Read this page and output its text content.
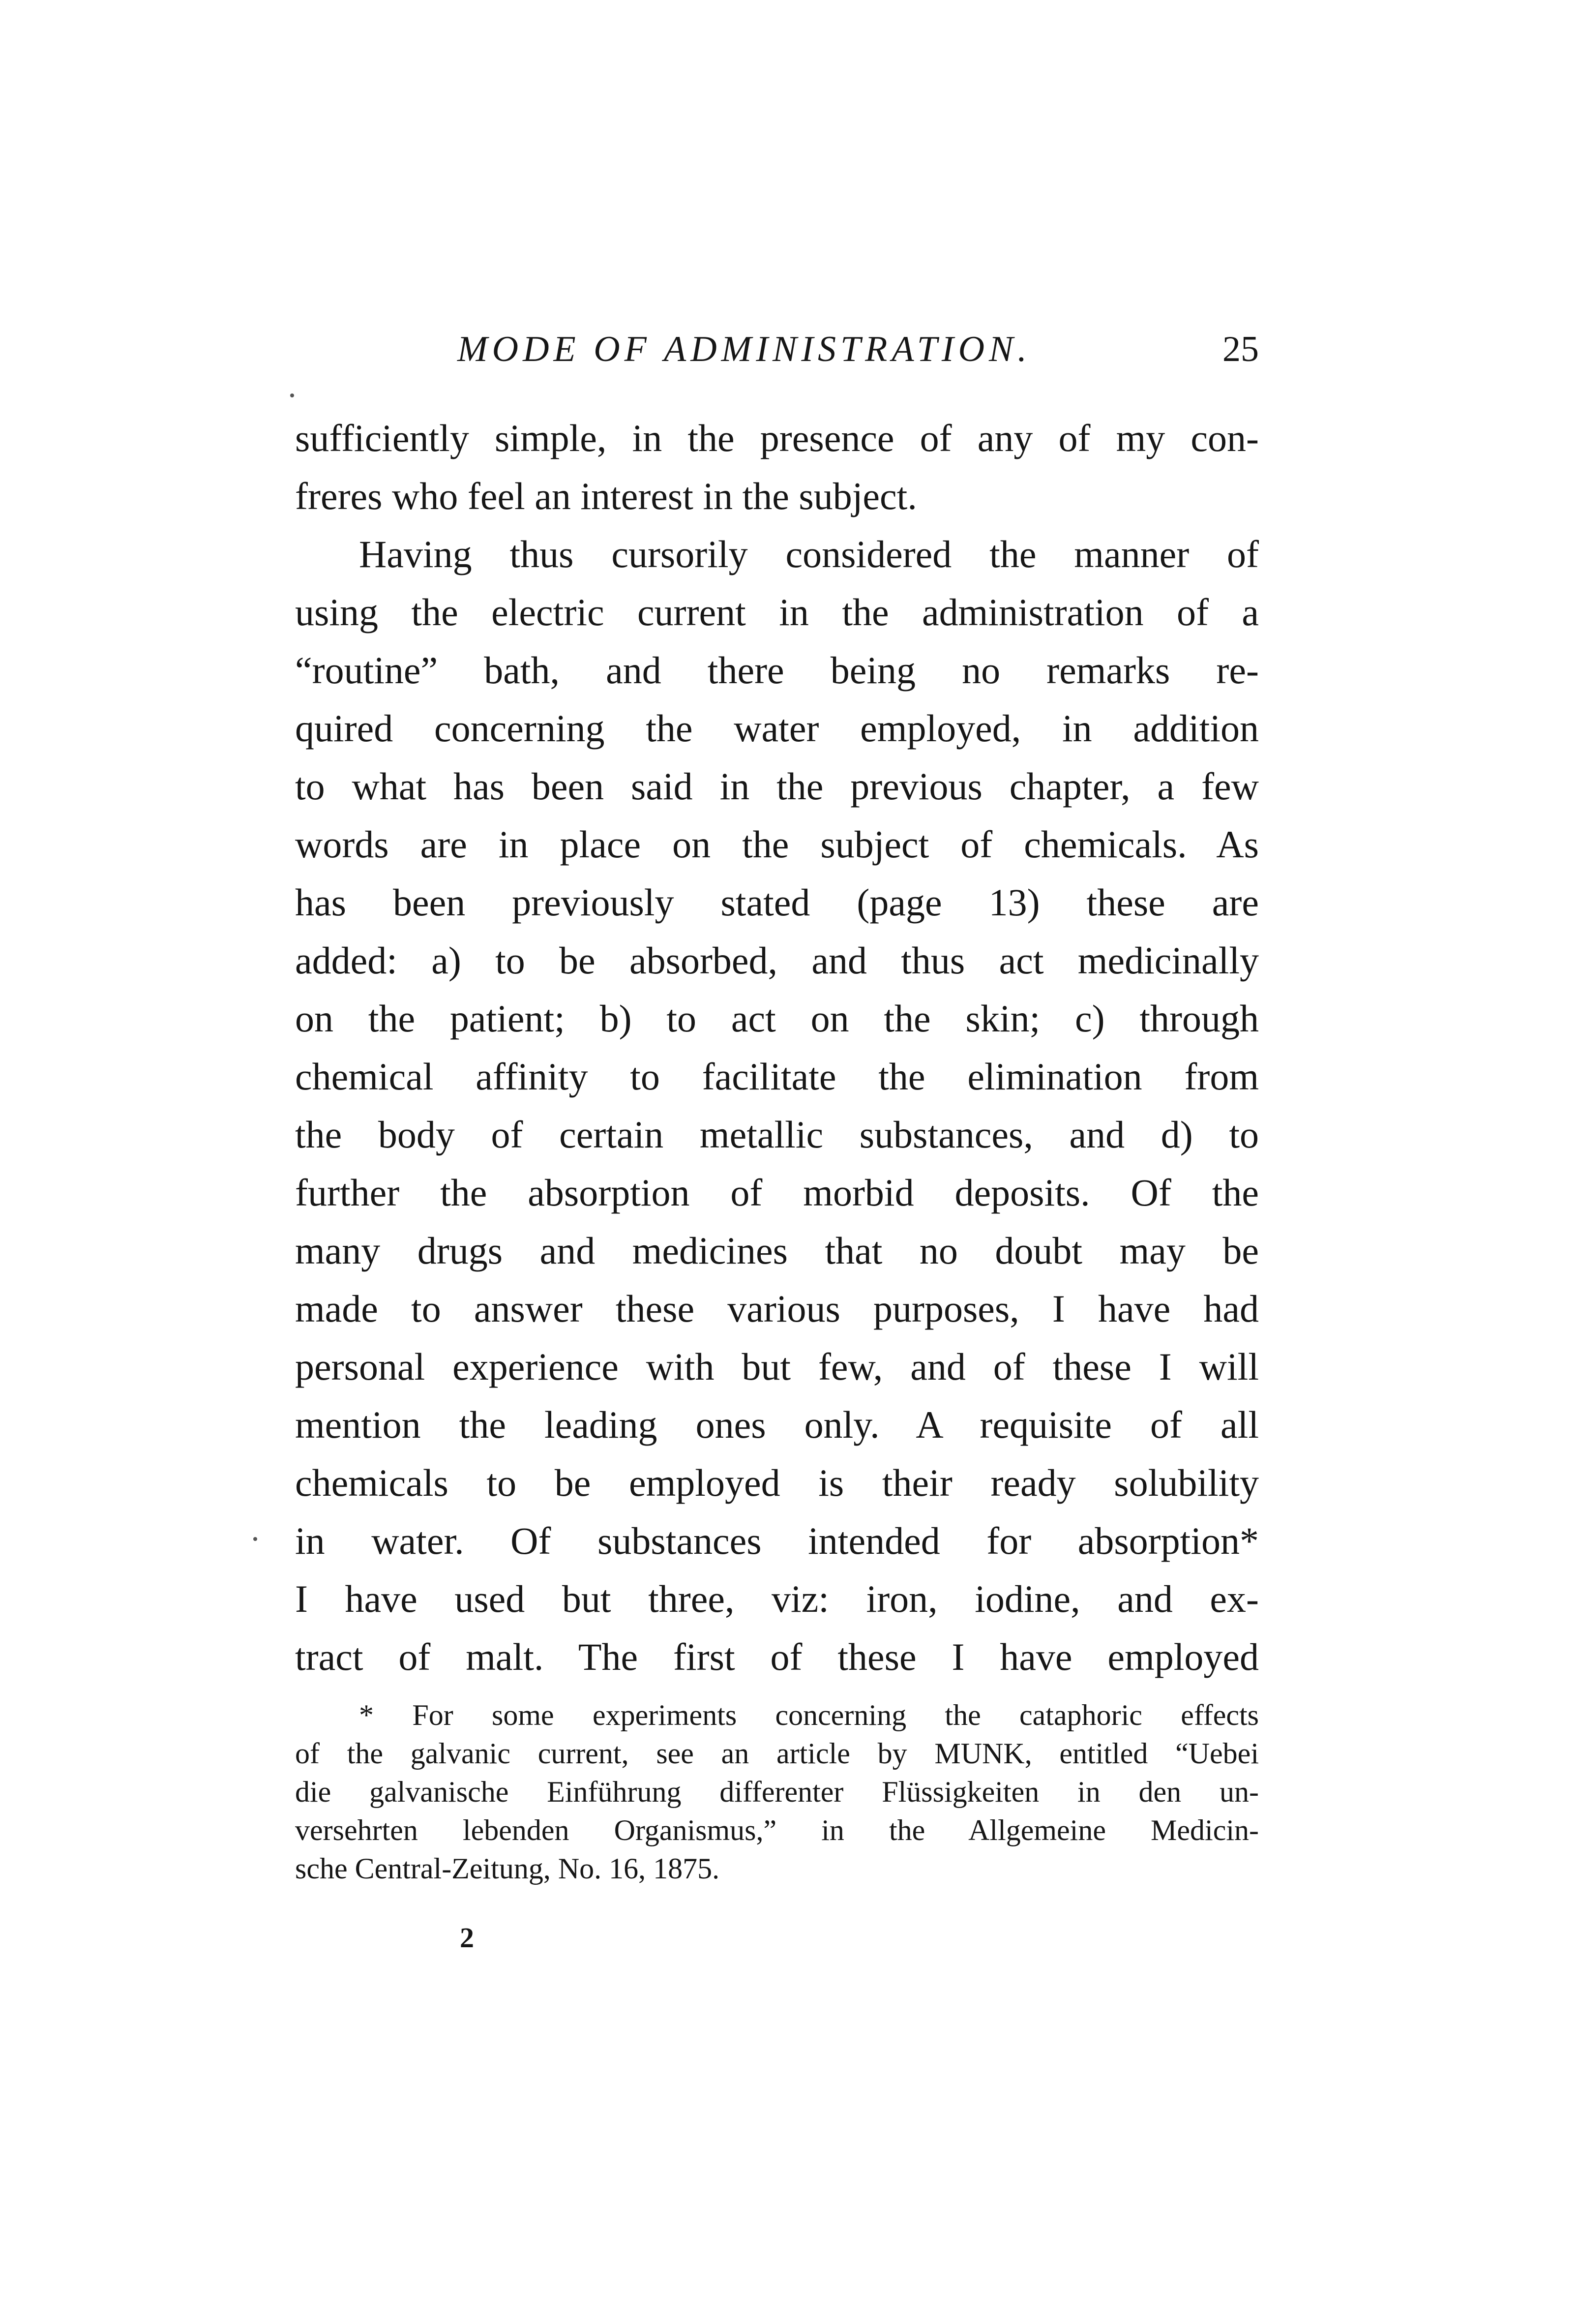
MODE OF ADMINISTRATION.	25
sufficiently simple, in the presence of any of my con-
freres who feel an interest in the subject.
Having thus cursorily considered the manner of
using the electric current in the administration of a
“routine” bath, and there being no remarks re-
quired concerning the water employed, in addition
to what has been said in the previous chapter, a few
words are in place on the subject of chemicals. As
has been previously stated (page 13) these are
added: a) to be absorbed, and thus act medicinally
on the patient; b) to act on the skin; c) through
chemical affinity to facilitate the elimination from
the body of certain metallic substances, and d) to
further the absorption of morbid deposits. Of the
many drugs and medicines that no doubt may be
made to answer these various purposes, I have had
personal experience with but few, and of these I will
mention the leading ones only. A requisite of all
chemicals to be employed is their ready solubility
in water. Of substances intended for absorption*
I have used but three, viz: iron, iodine, and ex-
tract of malt. The first of these I have employed
* For some experiments concerning the cataphoric effects
of the galvanic current, see an article by MUNK, entitled “Uebei
die galvanische Einführung differenter Flüssigkeiten in den un-
versehrten lebenden Organismus,” in the Allgemeine Medicin-
sche Central-Zeitung, No. 16, 1875.
2
